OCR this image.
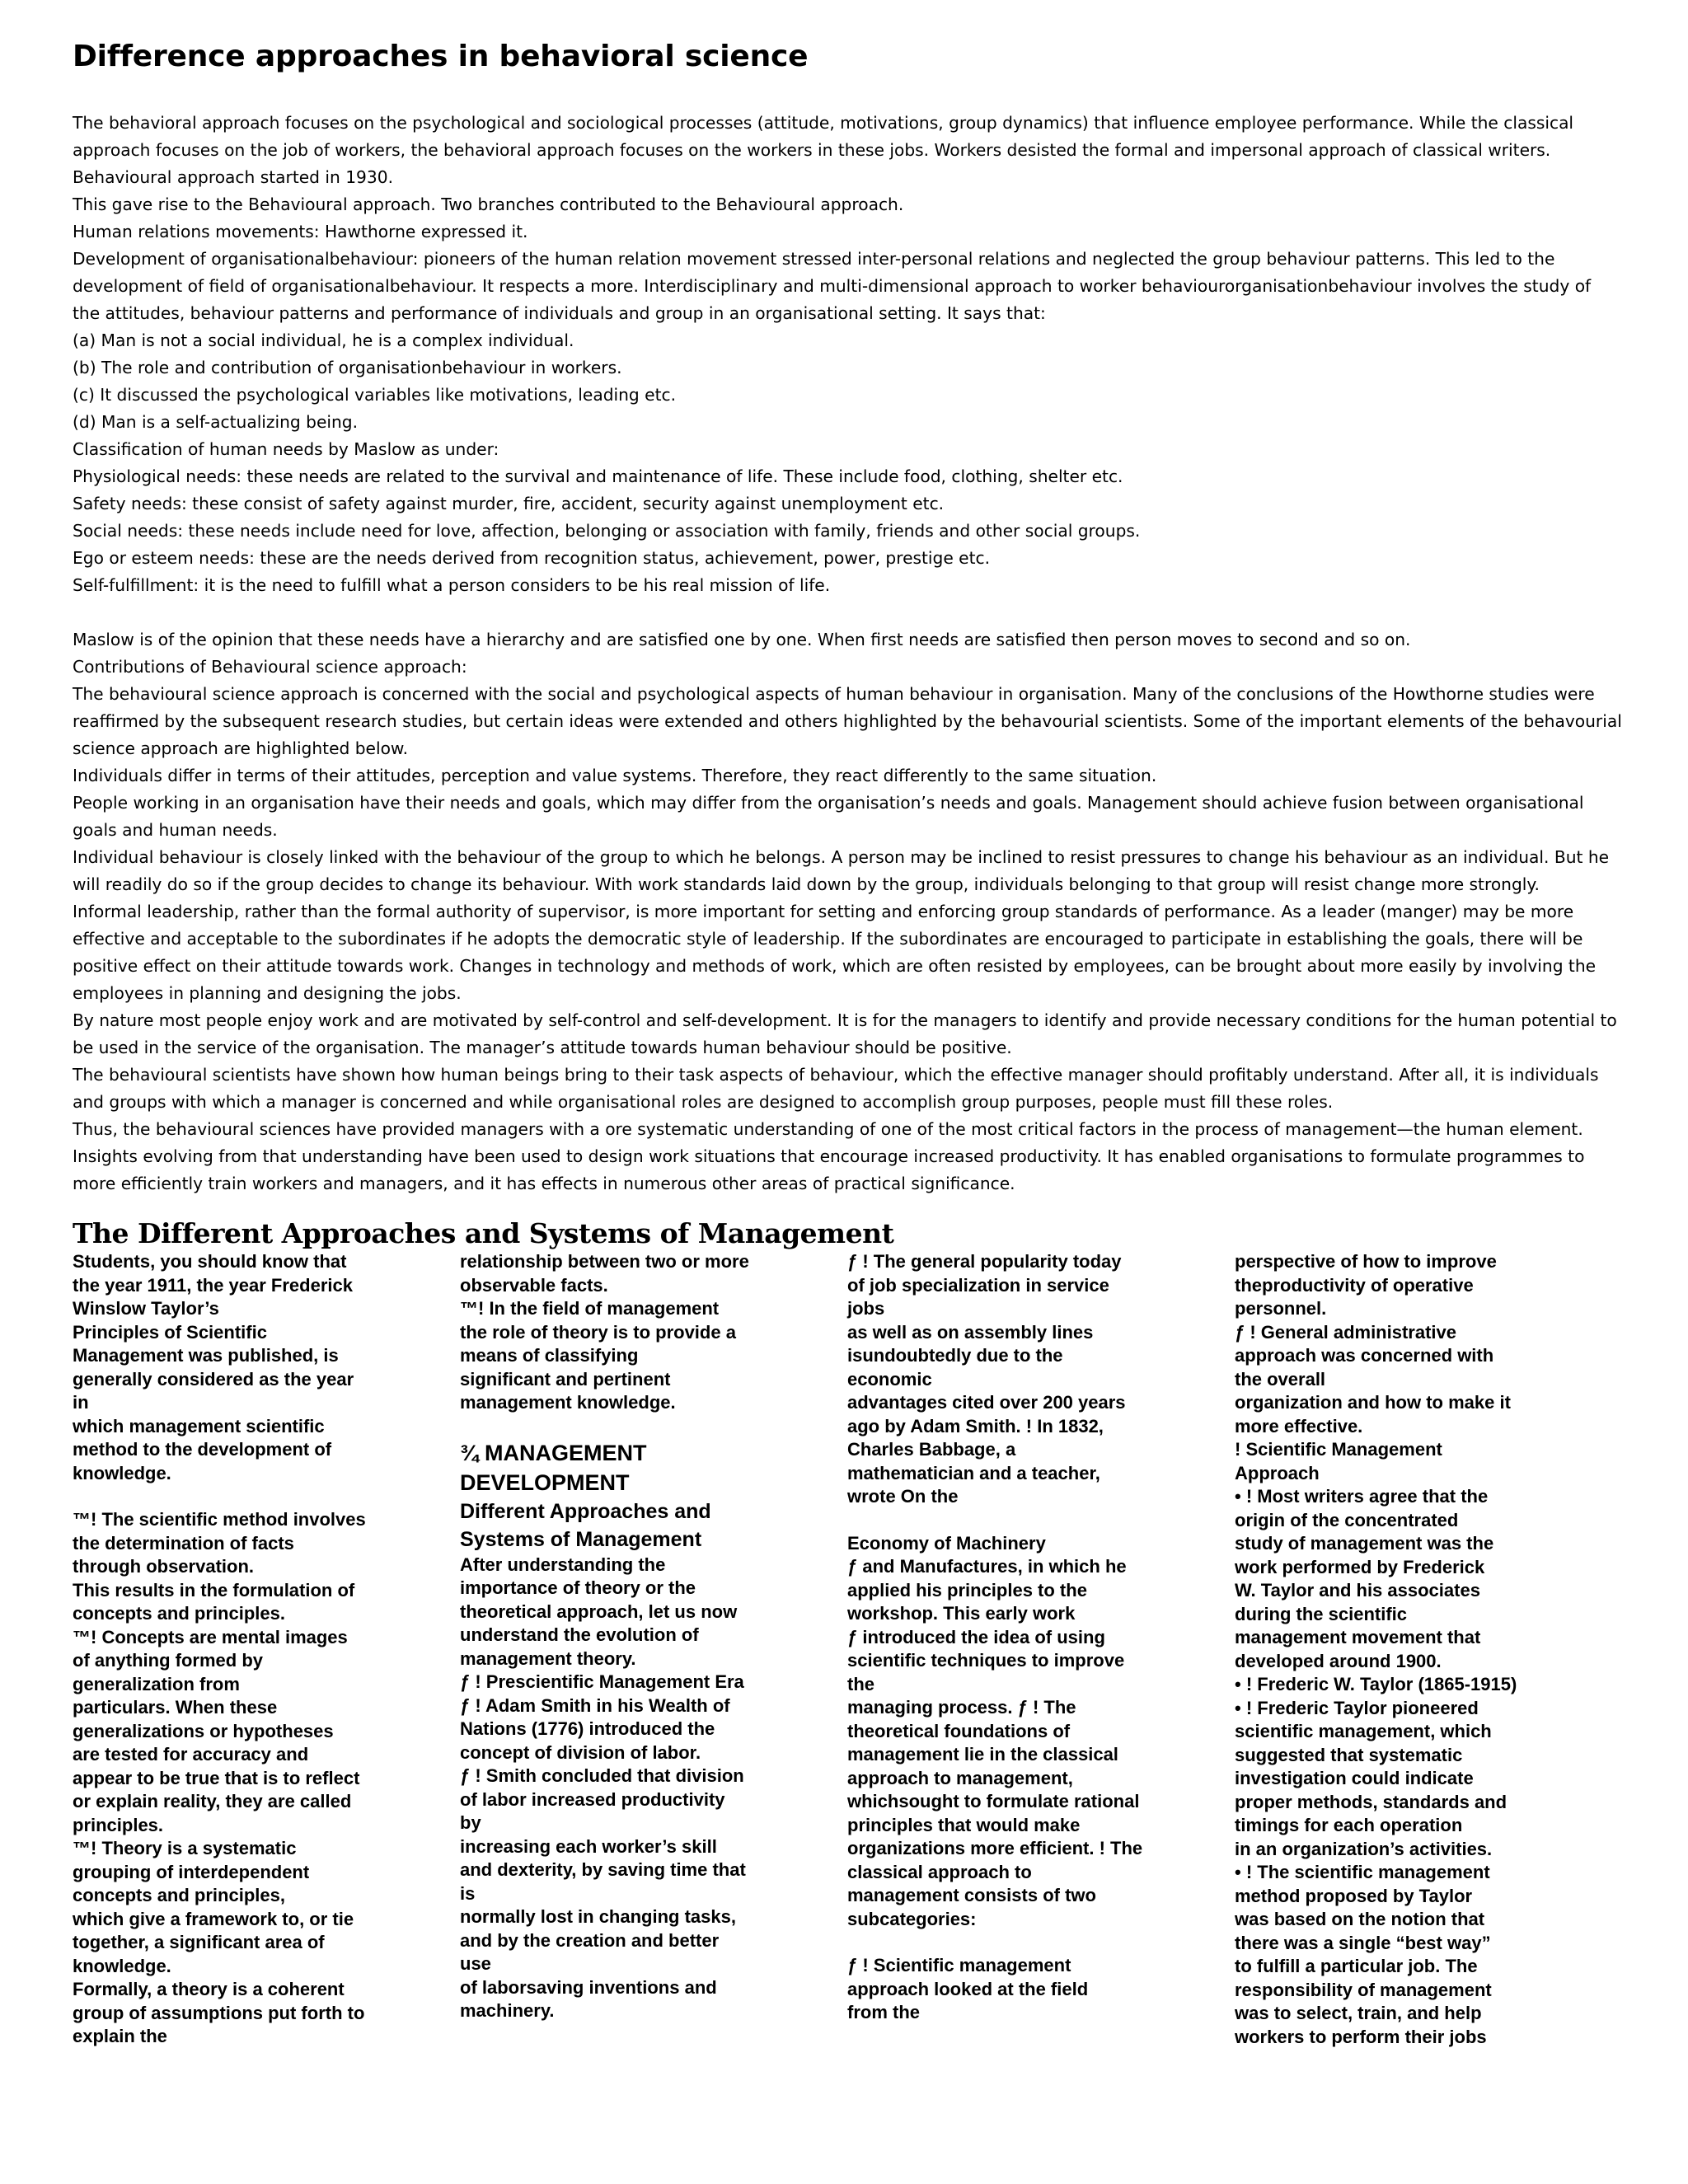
Difference approaches in behavioral science

The behavioral approach focuses on the psychological and sociological processes (attitude, motivations, group dynamics) that influence employee performance. While the classical approach focuses on the job of workers, the behavioral approach focuses on the workers in these jobs. Workers desisted the formal and impersonal approach of classical writers. Behavioural approach started in 1930.

This gave rise to the Behavioural approach. Two branches contributed to the Behavioural approach.

Human relations movements: Hawthorne expressed it.

Development of organisationalbehaviour: pioneers of the human relation movement stressed inter-personal relations and neglected the group behaviour patterns. This led to the development of field of organisationalbehaviour. It respects a more. Interdisciplinary and multi-dimensional approach to worker behaviourorganisationbehaviour involves the study of the attitudes, behaviour patterns and performance of individuals and group in an organisational setting. It says that:

(a) Man is not a social individual, he is a complex individual.

(b) The role and contribution of organisationbehaviour in workers.

(c) It discussed the psychological variables like motivations, leading etc.

(d) Man is a self-actualizing being.

Classification of human needs by Maslow as under:

Physiological needs: these needs are related to the survival and maintenance of life. These include food, clothing, shelter etc.

Safety needs: these consist of safety against murder, fire, accident, security against unemployment etc.

Social needs: these needs include need for love, affection, belonging or association with family, friends and other social groups.

Ego or esteem needs: these are the needs derived from recognition status, achievement, power, prestige etc.

Self-fulfillment: it is the need to fulfill what a person considers to be his real mission of life.

Maslow is of the opinion that these needs have a hierarchy and are satisfied one by one. When first needs are satisfied then person moves to second and so on.

Contributions of Behavioural science approach:

The behavioural science approach is concerned with the social and psychological aspects of human behaviour in organisation. Many of the conclusions of the Howthorne studies were reaffirmed by the subsequent research studies, but certain ideas were extended and others highlighted by the behavourial scientists. Some of the important elements of the behavourial science approach are highlighted below.

Individuals differ in terms of their attitudes, perception and value systems. Therefore, they react differently to the same situation.

People working in an organisation have their needs and goals, which may differ from the organisation’s needs and goals. Management should achieve fusion between organisational goals and human needs.

Individual behaviour is closely linked with the behaviour of the group to which he belongs. A person may be inclined to resist pressures to change his behaviour as an individual. But he will readily do so if the group decides to change its behaviour. With work standards laid down by the group, individuals belonging to that group will resist change more strongly.

Informal leadership, rather than the formal authority of supervisor, is more important for setting and enforcing group standards of performance. As a leader (manger) may be more effective and acceptable to the subordinates if he adopts the democratic style of leadership. If the subordinates are encouraged to participate in establishing the goals, there will be positive effect on their attitude towards work. Changes in technology and methods of work, which are often resisted by employees, can be brought about more easily by involving the employees in planning and designing the jobs.

By nature most people enjoy work and are motivated by self-control and self-development. It is for the managers to identify and provide necessary conditions for the human potential to be used in the service of the organisation. The manager’s attitude towards human behaviour should be positive.

The behavioural scientists have shown how human beings bring to their task aspects of behaviour, which the effective manager should profitably understand. After all, it is individuals and groups with which a manager is concerned and while organisational roles are designed to accomplish group purposes, people must fill these roles.

Thus, the behavioural sciences have provided managers with a ore systematic understanding of one of the most critical factors in the process of management—the human element. Insights evolving from that understanding have been used to design work situations that encourage increased productivity. It has enabled organisations to formulate programmes to more efficiently train workers and managers, and it has effects in numerous other areas of practical significance.

The Different Approaches and Systems of Management

Students, you should know that

the year 1911, the year Frederick

Winslow Taylor’s

Principles of Scientific

Management was published, is

generally considered as the year

in

which management scientific

method to the development of

knowledge.

™! The scientific method involves

the determination of facts

through observation.

This results in the formulation of

concepts and principles.

™! Concepts are mental images

of anything formed by

generalization from

particulars. When these

generalizations or hypotheses

are tested for accuracy and

appear to be true that is to reflect

or explain reality, they are called

principles.

™! Theory is a systematic

grouping of interdependent

concepts and principles,

which give a framework to, or tie

together, a significant area of

knowledge.

Formally, a theory is a coherent

group of assumptions put forth to

explain the

relationship between two or more

observable facts.

™! In the field of management

the role of theory is to provide a

means of classifying

significant and pertinent

management knowledge.

¾ MANAGEMENT

DEVELOPMENT

Different Approaches and

Systems of Management

After understanding the

importance of theory or the

theoretical approach, let us now

understand the evolution of

management theory.

ƒ ! Prescientific Management Era

ƒ ! Adam Smith in his Wealth of

Nations (1776) introduced the

concept of division of labor.

ƒ ! Smith concluded that division

of labor increased productivity

by

increasing each worker’s skill

and dexterity, by saving time that

is

normally lost in changing tasks,

and by the creation and better

use

of laborsaving inventions and

machinery.

ƒ ! The general popularity today

of job specialization in service

jobs

as well as on assembly lines

isundoubtedly due to the

economic

advantages cited over 200 years

ago by Adam Smith. ! In 1832,

Charles Babbage, a

mathematician and a teacher,

wrote On the

Economy of Machinery

ƒ and Manufactures, in which he

applied his principles to the

workshop. This early work

ƒ introduced the idea of using

scientific techniques to improve

the

managing process. ƒ ! The

theoretical foundations of

management lie in the classical

approach to management,

whichsought to formulate rational

principles that would make

organizations more efficient. ! The

classical approach to

management consists of two

subcategories:

ƒ ! Scientific management

approach looked at the field

from the

perspective of how to improve

theproductivity of operative

personnel.

ƒ ! General administrative

approach was concerned with

the overall

organization and how to make it

more effective.

! Scientific Management

Approach

• ! Most writers agree that the

origin of the concentrated

study of management was the

work performed by Frederick

W. Taylor and his associates

during the scientific

management movement that

developed around 1900.

• ! Frederic W. Taylor (1865-1915)

• ! Frederic Taylor pioneered

scientific management, which

suggested that systematic

investigation could indicate

proper methods, standards and

timings for each operation

in an organization’s activities.

• ! The scientific management

method proposed by Taylor

was based on the notion that

there was a single “best way”

to fulfill a particular job. The

responsibility of management

was to select, train, and help

workers to perform their jobs
